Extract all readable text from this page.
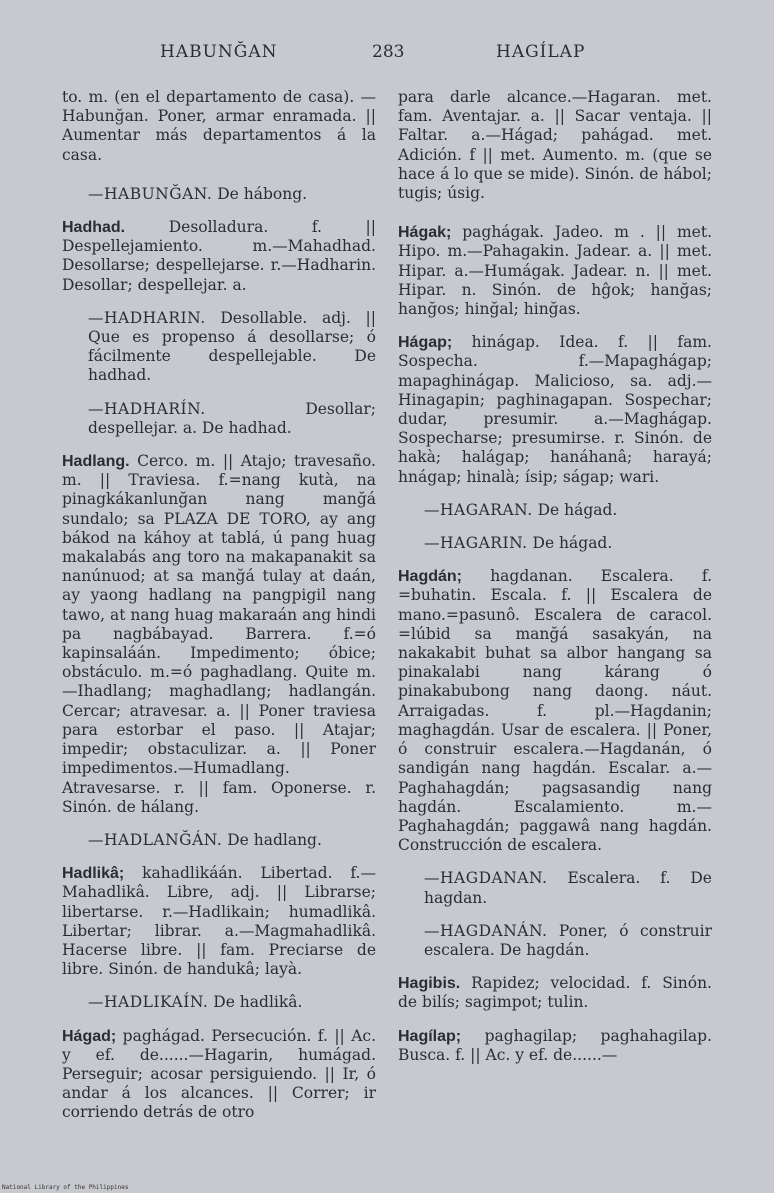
HABUNĞAN	283	HAGÍLAP

to. m. (en el departamento de casa). —Habunğan. Poner, armar enramada. || Aumentar más departamentos á la casa.

—HABUNĞAN. De hábong.

Hadhad.	Desolladura. f. || Despellejamiento. m.—Mahadhad. Desollarse; despellejarse. r.—Hadharin. Desollar; despellejar. a.

—HADHARIN. Desollable. adj. || Que es propenso á desollarse; ó fácilmente despellejable. De hadhad.

—HADHARÍN.	Desollar; despellejar. a. De hadhad.

Hadlang. Cerco. m. || Atajo; travesaño. m. || Traviesa. f.=nang kutà, na pinagkákanlunğan nang manğá sundalo; sa PLAZA DE TORO, ay ang bákod na káhoy at tablá, ú pang huag makalabás ang toro na makapanakit sa nanúnuod; at sa manğá tulay at daán, ay yaong hadlang na pangpigil nang tawo, at nang huag makaraán ang hindi pa nagbábayad. Barrera. f.=ó kapinsaláán. Impedimento; óbice; obstáculo. m.=ó paghadlang. Quite m.—Ihadlang; maghadlang; hadlangán. Cercar; atravesar. a. || Poner traviesa para estorbar el paso. || Atajar; impedir; obstaculizar. a. || Poner impedimentos.—Humadlang. Atravesarse. r. || fam. Oponerse. r. Sinón. de hálang.

—HADLANĞÁN. De hadlang.

Hadlikâ; kahadlikáán. Libertad. f.—Mahadlikâ. Libre, adj. || Librarse; libertarse. r.—Hadlikain; humadlikâ. Libertar; librar. a.—Magmahadlikâ. Hacerse libre. || fam. Preciarse de libre. Sinón. de handukâ; layà.

—HADLIKAÍN. De hadlikâ.

Hágad; paghágad. Persecución. f. || Ac. y ef. de......—Hagarin, humágad. Perseguir; acosar persiguiendo. || Ir, ó andar á los alcances. || Correr; ir corriendo detrás de otro

para darle alcance.—Hagaran. met. fam. Aventajar. a. || Sacar ventaja. || Faltar. a.—Hágad; pahágad. met. Adición. f || met. Aumento. m. (que se hace á lo que se mide). Sinón. de hábol; tugis; úsig.

Hágak; paghágak. Jadeo. m . || met. Hipo. m.—Pahagakin. Jadear. a. || met. Hipar. a.—Humágak. Jadear. n. || met. Hipar. n. Sinón. de hĝok; hanğas; hanğos; hinğal; hinğas.

Hágap; hinágap. Idea. f. || fam. Sospecha. f.—Mapaghágap; mapaghinágap. Malicioso, sa. adj.—Hinagapin; paghinagapan. Sospechar; dudar, presumir. a.—Maghágap. Sospecharse; presumirse. r. Sinón. de hakà; halágap; hanáhanâ; harayá; hnágap; hinalà; ísip; ságap; wari.

—HAGARAN. De hágad.

—HAGARIN. De hágad.

Hagdán; hagdanan. Escalera. f. =buhatin. Escala. f. || Escalera de mano.=pasunô. Escalera de caracol. =lúbid sa manğá sasakyán, na nakakabit buhat sa albor hangang sa pinakalabi nang kárang ó pinakabubong nang daong. náut. Arraigadas. f. pl.—Hagdanin; maghagdán. Usar de escalera. || Poner, ó construir escalera.—Hagdanán, ó sandigán nang hagdán. Escalar. a.—Paghahagdán; pagsasandig nang hagdán. Escalamiento. m.—Paghahagdán; paggawâ nang hagdán. Construcción de escalera.

—HAGDANAN. Escalera. f. De hagdan.

—HAGDANÁN. Poner, ó construir escalera. De hagdán.

Hagibis. Rapidez; velocidad. f. Sinón. de bilís; sagimpot; tulin.

Hagílap; paghagilap; paghahagilap. Busca. f. || Ac. y ef. de......—

National Library of the Philippines
